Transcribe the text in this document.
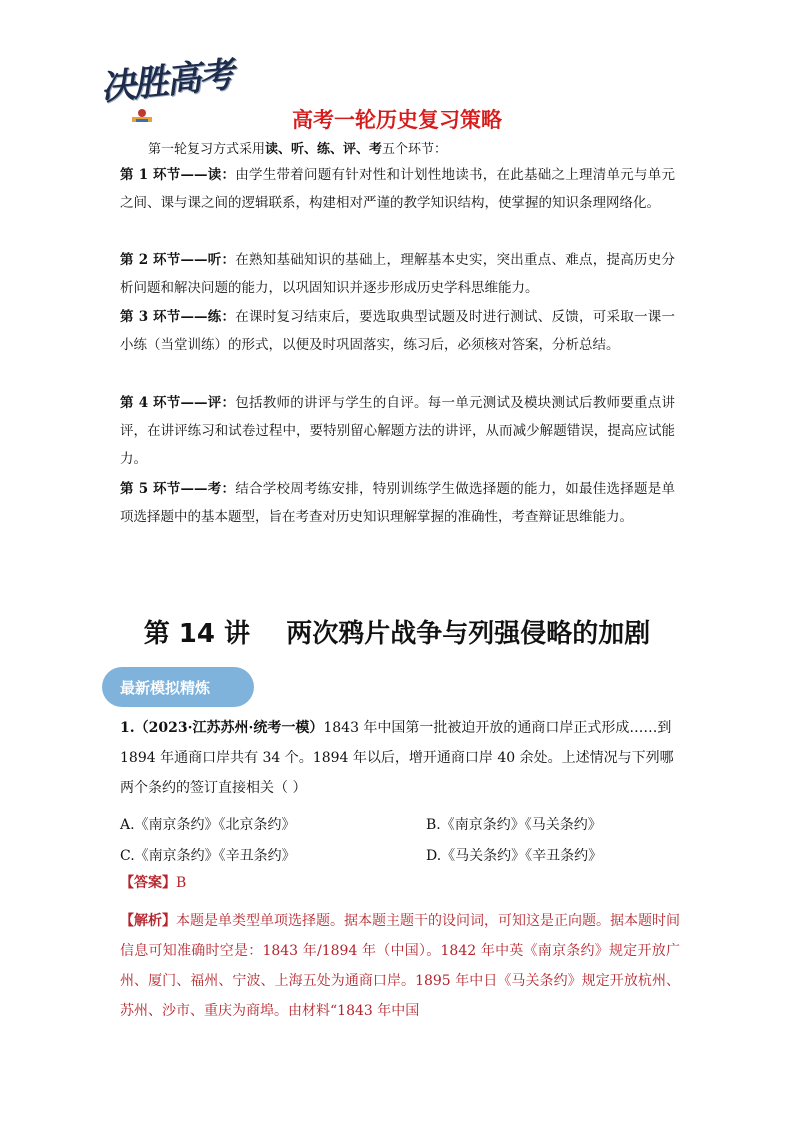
决胜高考
高考一轮历史复习策略
第一轮复习方式采用读、听、练、评、考五个环节：
第 1 环节——读：由学生带着问题有针对性和计划性地读书，在此基础之上理清单元与单元之间、课与课之间的逻辑联系，构建相对严谨的教学知识结构，使掌握的知识条理网络化。
第 2 环节——听：在熟知基础知识的基础上，理解基本史实，突出重点、难点，提高历史分析问题和解决问题的能力，以巩固知识并逐步形成历史学科思维能力。
第 3 环节——练：在课时复习结束后，要选取典型试题及时进行测试、反馈，可采取一课一小练（当堂训练）的形式，以便及时巩固落实，练习后，必须核对答案，分析总结。
第 4 环节——评：包括教师的讲评与学生的自评。每一单元测试及模块测试后教师要重点讲评，在讲评练习和试卷过程中，要特别留心解题方法的讲评，从而减少解题错误，提高应试能力。
第 5 环节——考：结合学校周考练安排，特别训练学生做选择题的能力，如最佳选择题是单项选择题中的基本题型，旨在考查对历史知识理解掌握的准确性，考查辩证思维能力。
第 14 讲    两次鸦片战争与列强侵略的加剧
最新模拟精炼
1.（2023·江苏苏州·统考一模）1843 年中国第一批被迫开放的通商口岸正式形成……到 1894 年通商口岸共有 34 个。1894 年以后，增开通商口岸 40 余处。上述情况与下列哪两个条约的签订直接相关（ ）
A.《南京条约》《北京条约》	B.《南京条约》《马关条约》
C.《南京条约》《辛丑条约》	D.《马关条约》《辛丑条约》
【答案】B
【解析】本题是单类型单项选择题。据本题主题干的设问词，可知这是正向题。据本题时间信息可知准确时空是：1843 年/1894 年（中国）。1842 年中英《南京条约》规定开放广州、厦门、福州、宁波、上海五处为通商口岸。1895 年中日《马关条约》规定开放杭州、苏州、沙市、重庆为商埠。由材料“1843 年中国
